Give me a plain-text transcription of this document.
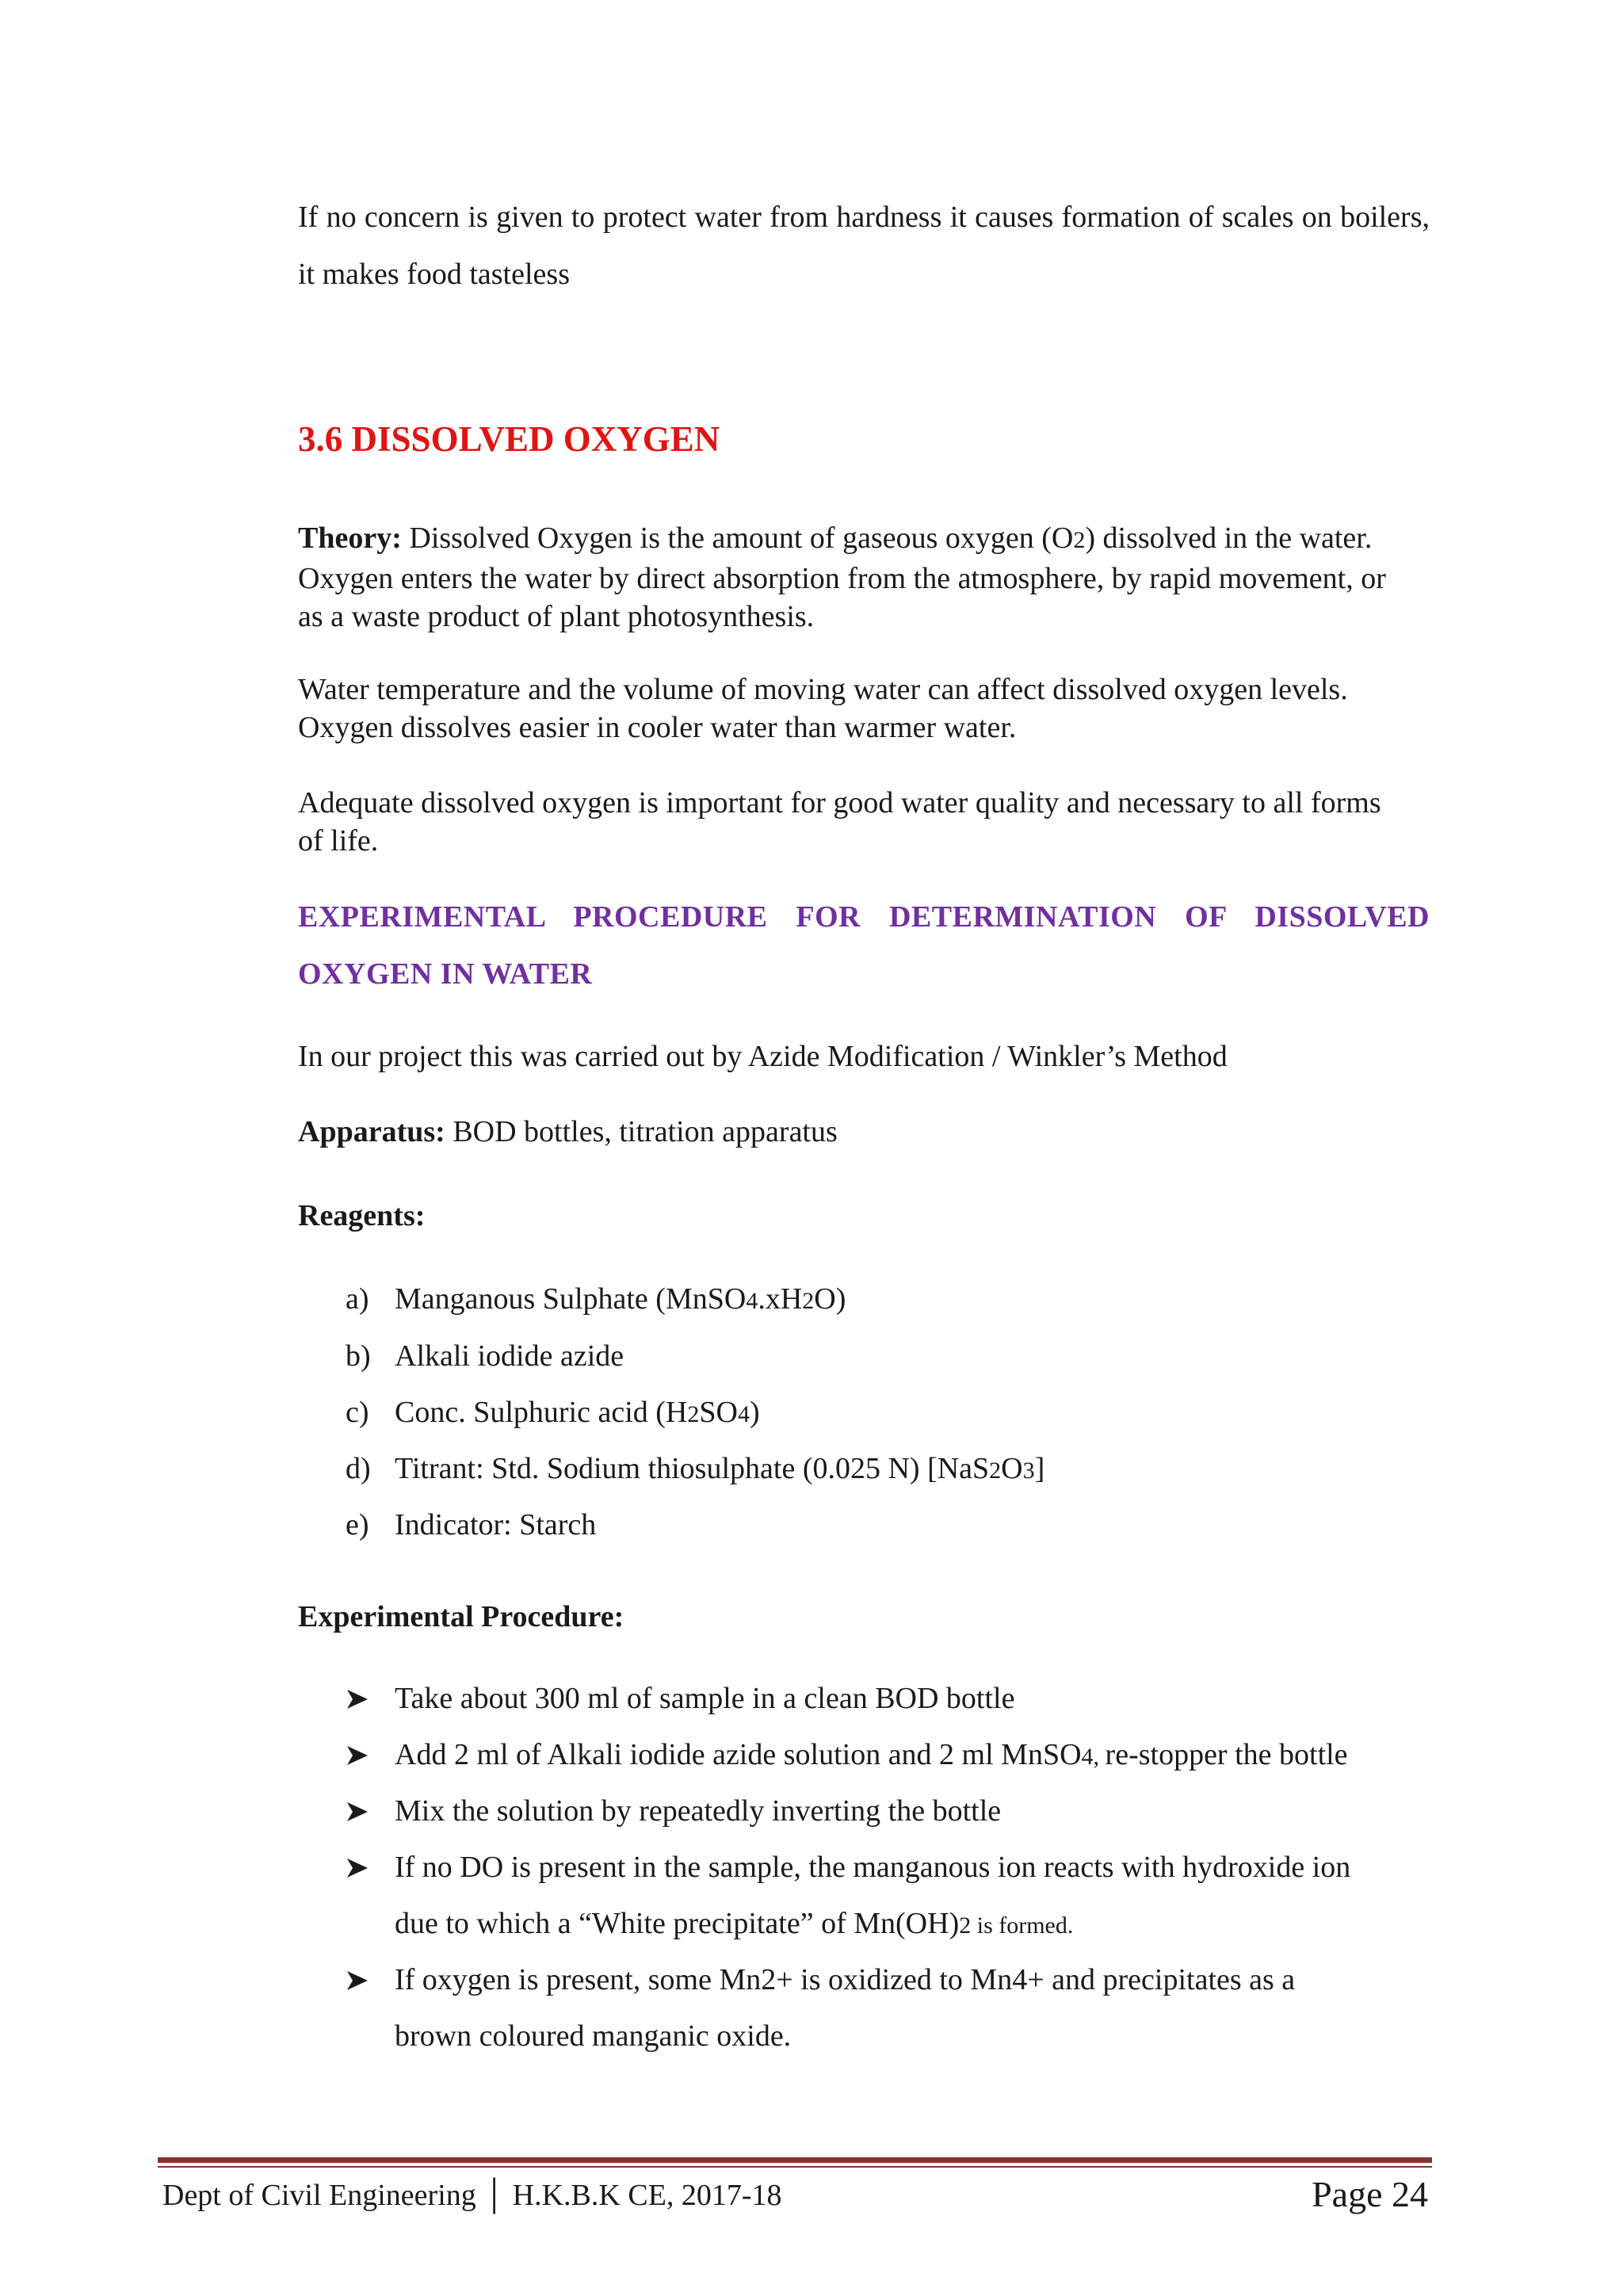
If no concern is given to protect water from hardness it causes formation of scales on boilers, it makes food tasteless

3.6 DISSOLVED OXYGEN

Theory: Dissolved Oxygen is the amount of gaseous oxygen (O2) dissolved in the water. Oxygen enters the water by direct absorption from the atmosphere, by rapid movement, or as a waste product of plant photosynthesis.

Water temperature and the volume of moving water can affect dissolved oxygen levels. Oxygen dissolves easier in cooler water than warmer water.

Adequate dissolved oxygen is important for good water quality and necessary to all forms of life.

EXPERIMENTAL PROCEDURE FOR DETERMINATION OF DISSOLVED OXYGEN IN WATER

In our project this was carried out by Azide Modification / Winkler’s Method

Apparatus: BOD bottles, titration apparatus

Reagents:

a) Manganous Sulphate (MnSO4.xH2O)
b) Alkali iodide azide
c) Conc. Sulphuric acid (H2SO4)
d) Titrant: Std. Sodium thiosulphate (0.025 N) [NaS2O3]
e) Indicator: Starch

Experimental Procedure:

Take about 300 ml of sample in a clean BOD bottle
Add 2 ml of Alkali iodide azide solution and 2 ml MnSO4, re-stopper the bottle
Mix the solution by repeatedly inverting the bottle
If no DO is present in the sample, the manganous ion reacts with hydroxide ion
due to which a “White precipitate” of Mn(OH)2 is formed.
If oxygen is present, some Mn2+ is oxidized to Mn4+ and precipitates as a
brown coloured manganic oxide.
Dept of Civil Engineering │ H.K.B.K CE, 2017-18	Page 24
